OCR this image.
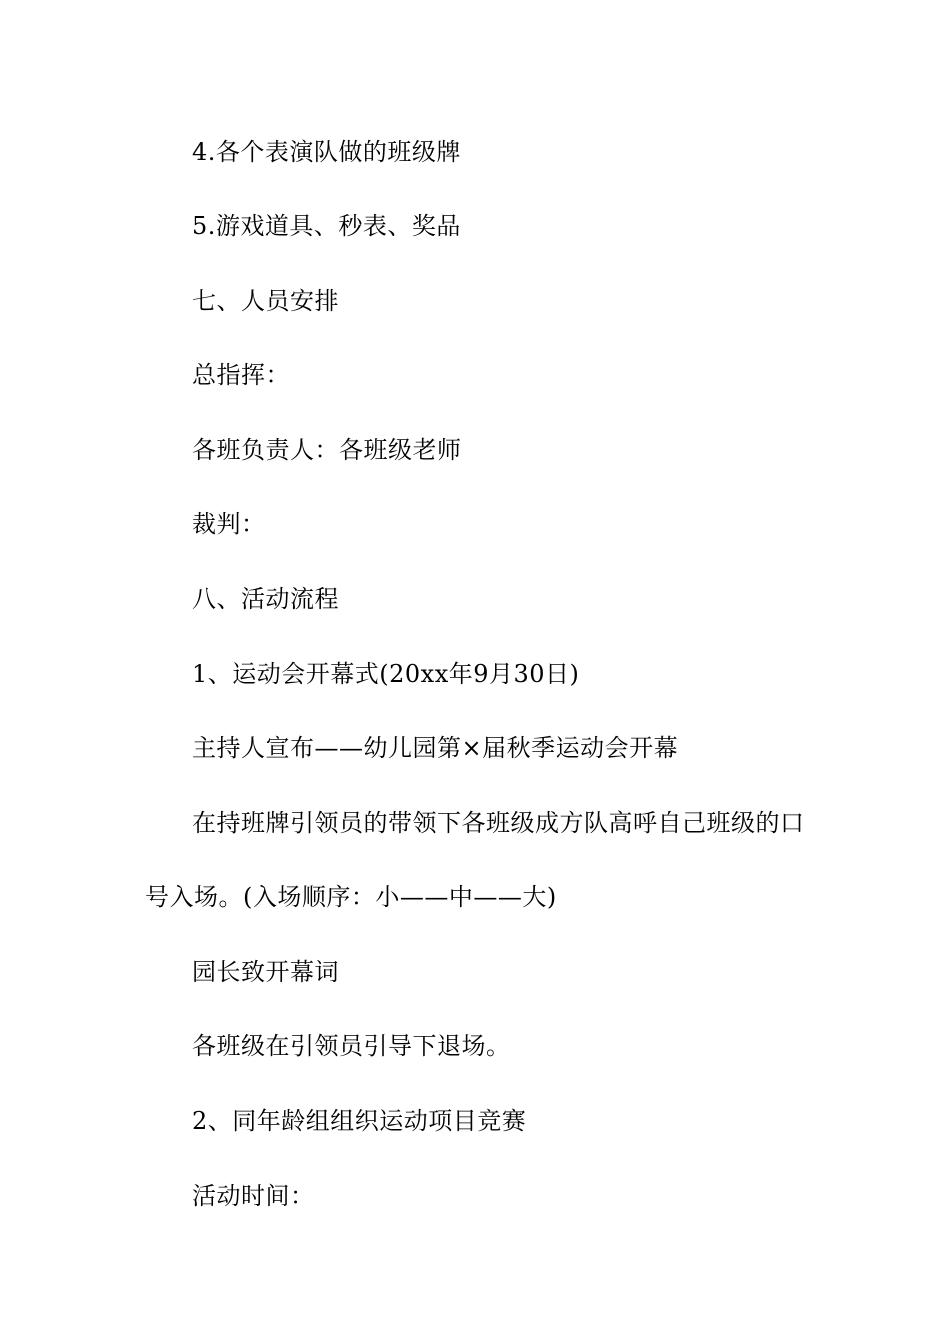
4.各个表演队做的班级牌
5.游戏道具、秒表、奖品
七、人员安排
总指挥：
各班负责人：各班级老师
裁判：
八、活动流程
1、运动会开幕式(20xx年9月30日)
主持人宣布——幼儿园第×届秋季运动会开幕
在持班牌引领员的带领下各班级成方队高呼自己班级的口
号入场。(入场顺序：小——中——大)
园长致开幕词
各班级在引领员引导下退场。
2、同年龄组组织运动项目竞赛
活动时间：
